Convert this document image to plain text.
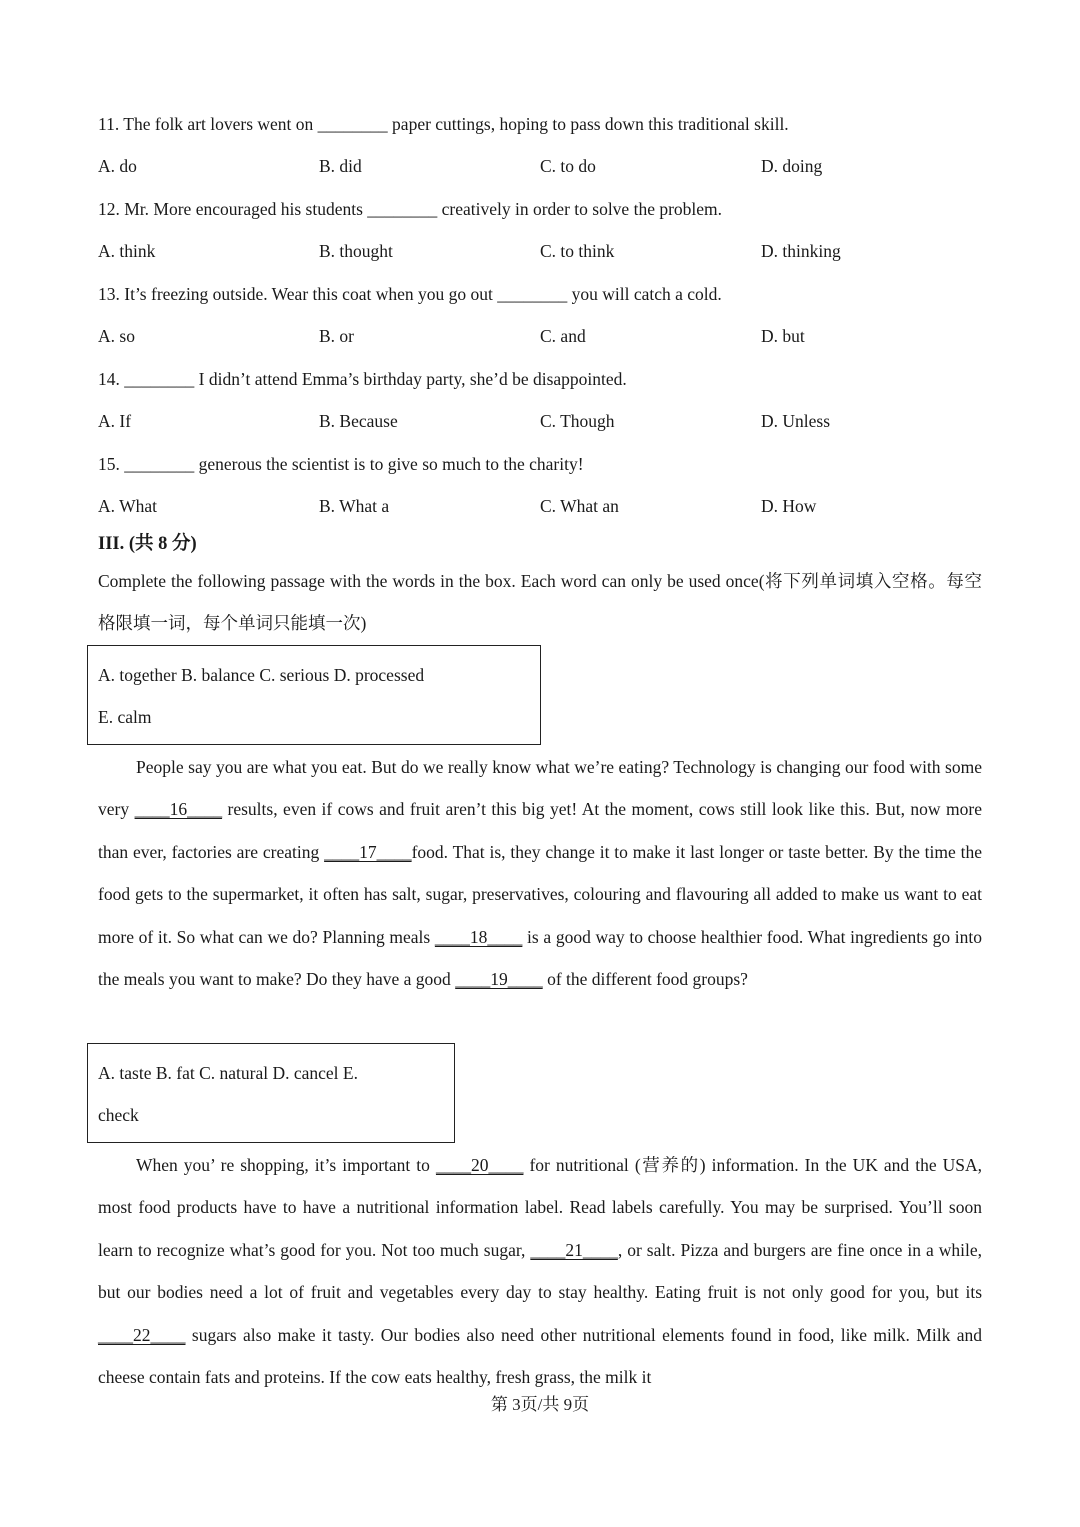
11. The folk art lovers went on ________ paper cuttings, hoping to pass down this traditional skill.
A. do	B. did	C. to do	D. doing
12. Mr. More encouraged his students ________ creatively in order to solve the problem.
A. think	B. thought	C. to think	D. thinking
13. It’s freezing outside. Wear this coat when you go out ________ you will catch a cold.
A. so	B. or	C. and	D. but
14. ________ I didn’t attend Emma’s birthday party, she’d be disappointed.
A. If	B. Because	C. Though	D. Unless
15. ________ generous the scientist is to give so much to the charity!
A. What	B. What a	C. What an	D. How
III. (共 8 分)
Complete the following passage with the words in the box. Each word can only be used once(将下列单词填入空格。每空格限填一词，每个单词只能填一次)
A. together B. balance C. serious D. processed
E. calm
People say you are what you eat. But do we really know what we’re eating? Technology is changing our food with some very ____16____ results, even if cows and fruit aren’t this big yet! At the moment, cows still look like this. But, now more than ever, factories are creating ____17____food. That is, they change it to make it last longer or taste better. By the time the food gets to the supermarket, it often has salt, sugar, preservatives, colouring and flavouring all added to make us want to eat more of it. So what can we do? Planning meals ____18____ is a good way to choose healthier food. What ingredients go into the meals you want to make? Do they have a good ____19____ of the different food groups?
A. taste B. fat C. natural D. cancel E.
check
When you’ re shopping, it’s important to ____20____ for nutritional (营养的) information. In the UK and the USA, most food products have to have a nutritional information label. Read labels carefully. You may be surprised. You’ll soon learn to recognize what’s good for you. Not too much sugar, ____21____, or salt. Pizza and burgers are fine once in a while, but our bodies need a lot of fruit and vegetables every day to stay healthy. Eating fruit is not only good for you, but its ____22____ sugars also make it tasty. Our bodies also need other nutritional elements found in food, like milk. Milk and cheese contain fats and proteins. If the cow eats healthy, fresh grass, the milk it
第 3页/共 9页
